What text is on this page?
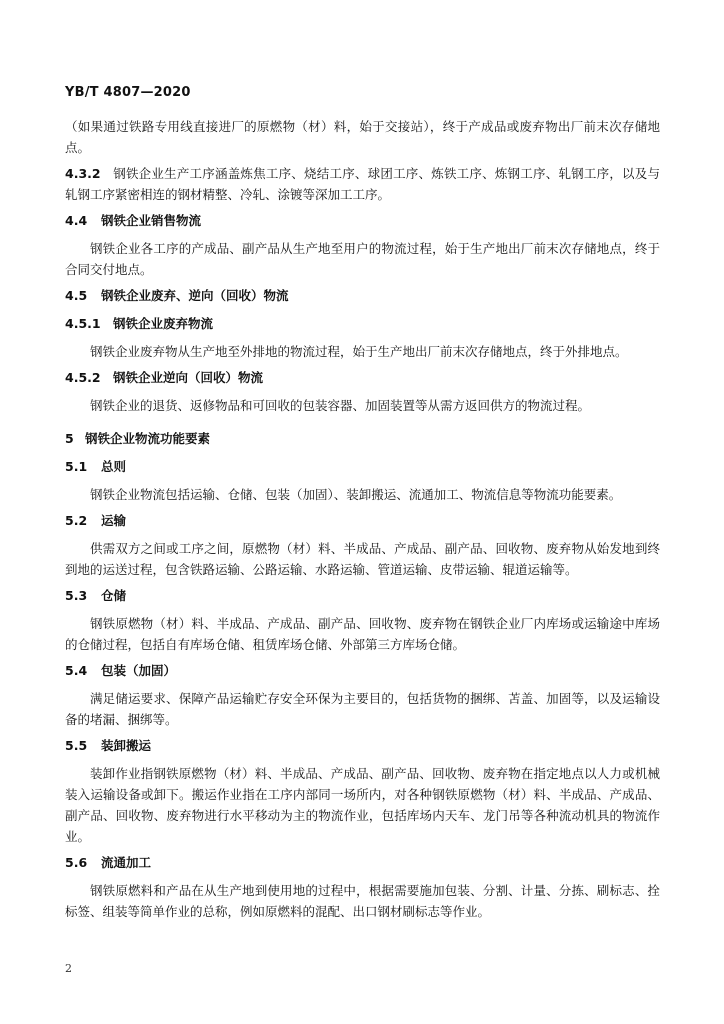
YB/T 4807—2020

（如果通过铁路专用线直接进厂的原燃物（材）料，始于交接站），终于产成品或废弃物出厂前末次存储地点。

4.3.2 钢铁企业生产工序涵盖炼焦工序、烧结工序、球团工序、炼铁工序、炼钢工序、轧钢工序，以及与轧钢工序紧密相连的钢材精整、冷轧、涂镀等深加工工序。

4.4 钢铁企业销售物流

钢铁企业各工序的产成品、副产品从生产地至用户的物流过程，始于生产地出厂前末次存储地点，终于合同交付地点。

4.5 钢铁企业废弃、逆向（回收）物流
4.5.1 钢铁企业废弃物流

钢铁企业废弃物从生产地至外排地的物流过程，始于生产地出厂前末次存储地点，终于外排地点。

4.5.2 钢铁企业逆向（回收）物流

钢铁企业的退货、返修物品和可回收的包装容器、加固装置等从需方返回供方的物流过程。

5 钢铁企业物流功能要素
5.1 总则

钢铁企业物流包括运输、仓储、包装（加固）、装卸搬运、流通加工、物流信息等物流功能要素。

5.2 运输

供需双方之间或工序之间，原燃物（材）料、半成品、产成品、副产品、回收物、废弃物从始发地到终到地的运送过程，包含铁路运输、公路运输、水路运输、管道运输、皮带运输、辊道运输等。

5.3 仓储

钢铁原燃物（材）料、半成品、产成品、副产品、回收物、废弃物在钢铁企业厂内库场或运输途中库场的仓储过程，包括自有库场仓储、租赁库场仓储、外部第三方库场仓储。

5.4 包装（加固）

满足储运要求、保障产品运输贮存安全环保为主要目的，包括货物的捆绑、苫盖、加固等，以及运输设备的堵漏、捆绑等。

5.5 装卸搬运

装卸作业指钢铁原燃物（材）料、半成品、产成品、副产品、回收物、废弃物在指定地点以人力或机械装入运输设备或卸下。搬运作业指在工序内部同一场所内，对各种钢铁原燃物（材）料、半成品、产成品、副产品、回收物、废弃物进行水平移动为主的物流作业，包括库场内天车、龙门吊等各种流动机具的物流作业。

5.6 流通加工

钢铁原燃料和产品在从生产地到使用地的过程中，根据需要施加包装、分割、计量、分拣、刷标志、拴标签、组装等简单作业的总称，例如原燃料的混配、出口钢材刷标志等作业。

2
